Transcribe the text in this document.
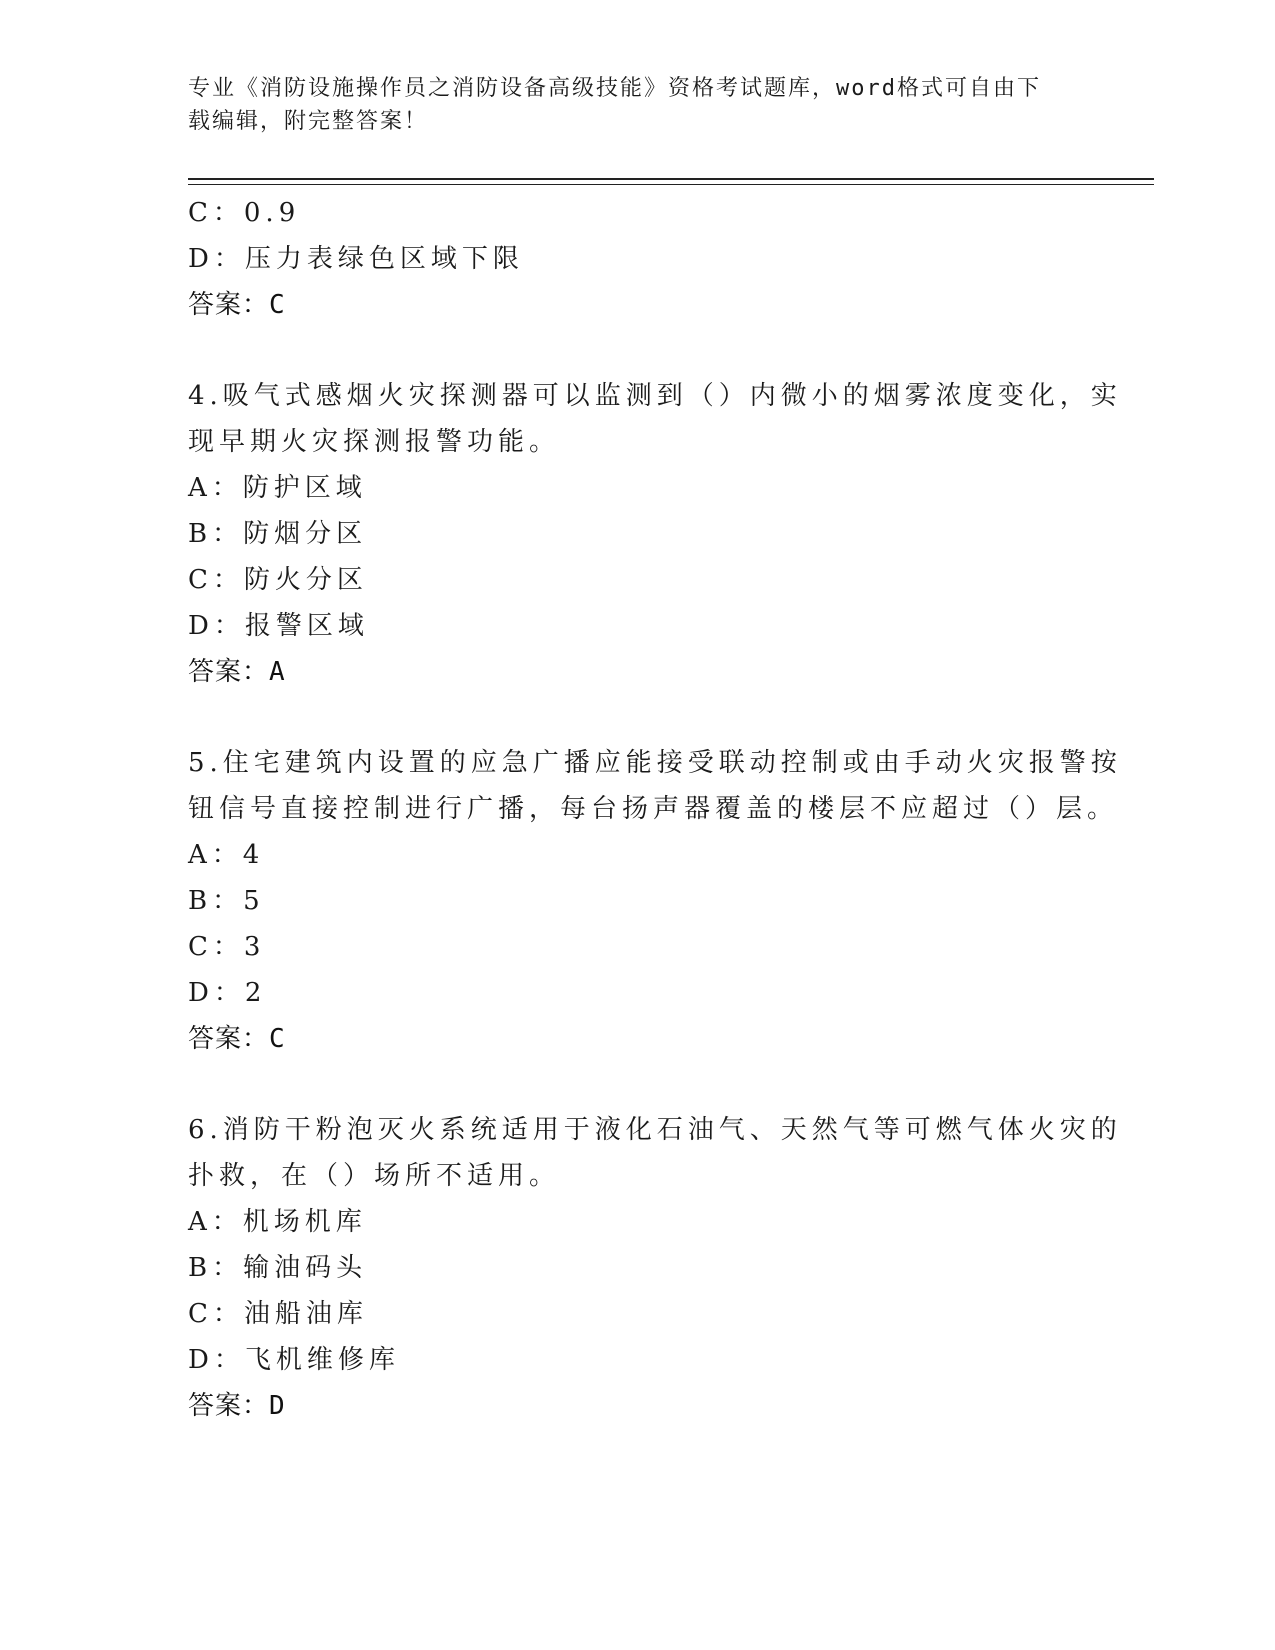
专业《消防设施操作员之消防设备高级技能》资格考试题库，word格式可自由下
载编辑，附完整答案！
C：0.9
D：压力表绿色区域下限
答案：C
4.吸气式感烟火灾探测器可以监测到（）内微小的烟雾浓度变化，实
现早期火灾探测报警功能。
A：防护区域
B：防烟分区
C：防火分区
D：报警区域
答案：A
5.住宅建筑内设置的应急广播应能接受联动控制或由手动火灾报警按
钮信号直接控制进行广播，每台扬声器覆盖的楼层不应超过（）层。
A：4
B：5
C：3
D：2
答案：C
6.消防干粉泡灭火系统适用于液化石油气、天然气等可燃气体火灾的
扑救，在（）场所不适用。
A：机场机库
B：输油码头
C：油船油库
D：飞机维修库
答案：D
